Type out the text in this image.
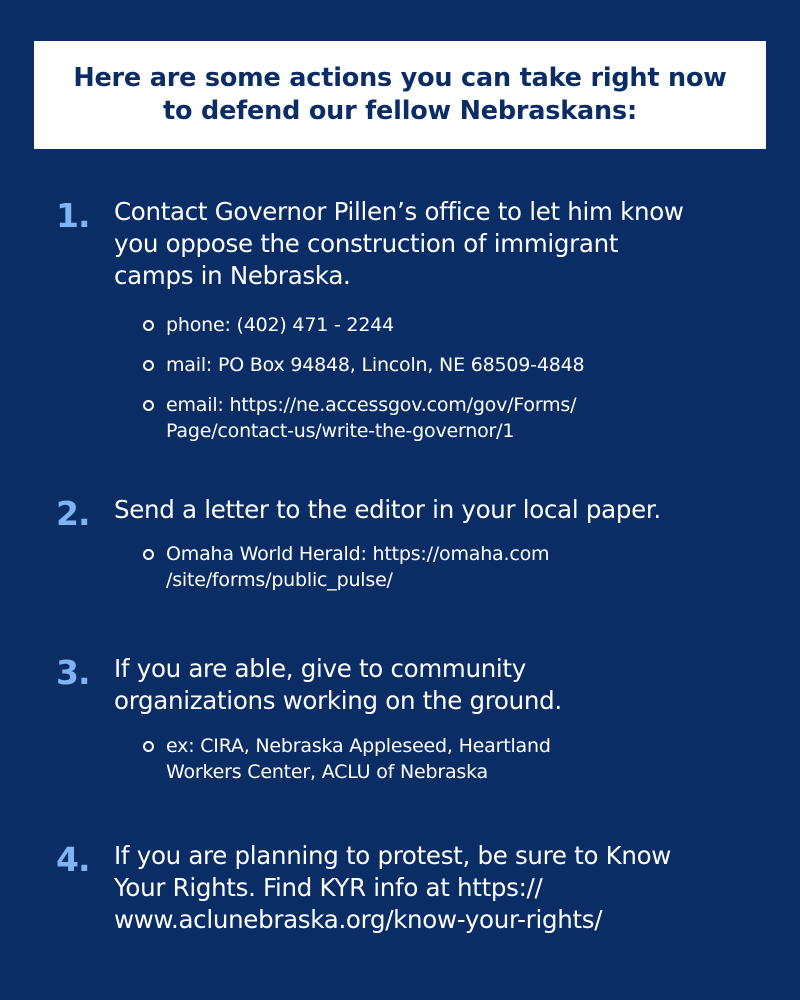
Here are some actions you can take right now
to defend our fellow Nebraskans:
1. Contact Governor Pillen’s office to let him know
you oppose the construction of immigrant
camps in Nebraska.

phone: (402) 471 - 2244
mail: PO Box 94848, Lincoln, NE 68509-4848
email: https://ne.accessgov.com/gov/Forms/
Page/contact-us/write-the-governor/1
2. Send a letter to the editor in your local paper.

Omaha World Herald: https://omaha.com
/site/forms/public_pulse/
3. If you are able, give to community
organizations working on the ground.

ex: CIRA, Nebraska Appleseed, Heartland
Workers Center, ACLU of Nebraska
4. If you are planning to protest, be sure to Know
Your Rights. Find KYR info at https://
www.aclunebraska.org/know-your-rights/
